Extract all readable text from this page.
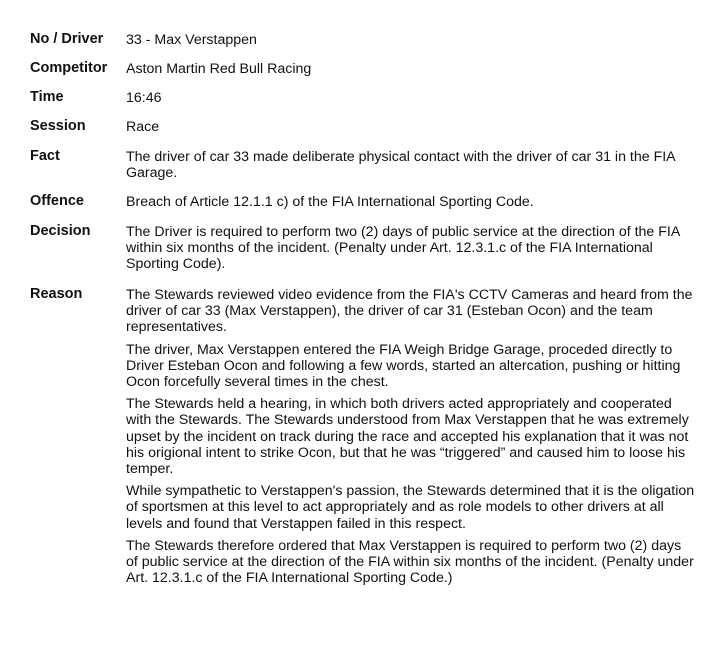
No / Driver	33 - Max Verstappen
Competitor	Aston Martin Red Bull Racing
Time	16:46
Session	Race
Fact	The driver of car 33 made deliberate physical contact with the driver of car 31 in the FIA Garage.
Offence	Breach of Article 12.1.1 c) of the FIA International Sporting Code.
Decision	The Driver is required to perform two (2) days of public service at the direction of the FIA within six months of the incident. (Penalty under Art. 12.3.1.c of the FIA International Sporting Code).
Reason	The Stewards reviewed video evidence from the FIA's CCTV Cameras and heard from the driver of car 33 (Max Verstappen), the driver of car 31 (Esteban Ocon) and the team representatives.

The driver, Max Verstappen entered the FIA Weigh Bridge Garage, proceded directly to Driver Esteban Ocon and following a few words, started an altercation, pushing or hitting Ocon forcefully several times in the chest.

The Stewards held a hearing, in which both drivers acted appropriately and cooperated with the Stewards. The Stewards understood from Max Verstappen that he was extremely upset by the incident on track during the race and accepted his explanation that it was not his origional intent to strike Ocon, but that he was “triggered” and caused him to loose his temper.

While sympathetic to Verstappen's passion, the Stewards determined that it is the oligation of sportsmen at this level to act appropriately and as role models to other drivers at all levels and found that Verstappen failed in this respect.

The Stewards therefore ordered that Max Verstappen is required to perform two (2) days of public service at the direction of the FIA within six months of the incident. (Penalty under Art. 12.3.1.c of the FIA International Sporting Code.)
